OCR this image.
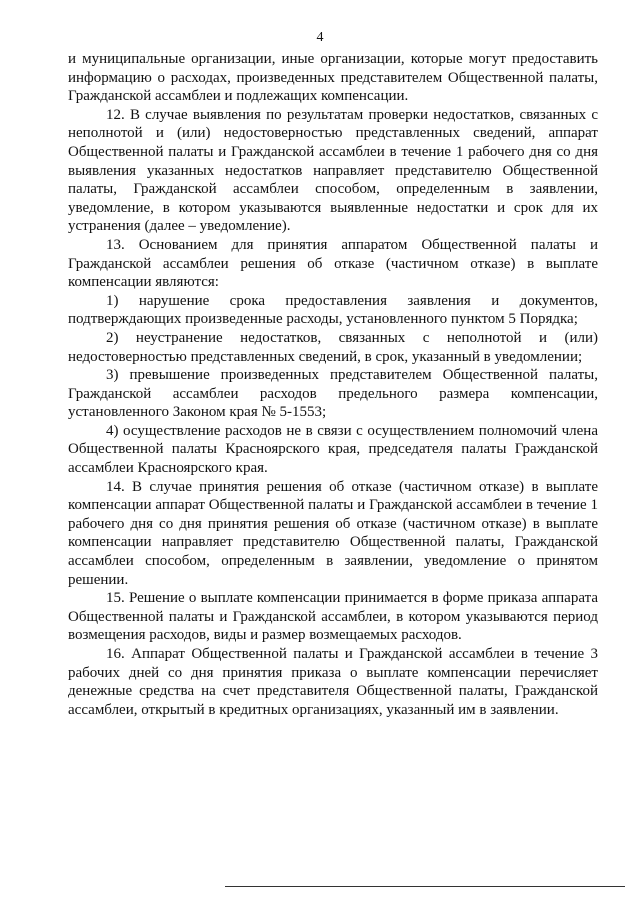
4

и муниципальные организации, иные организации, которые могут предоставить информацию о расходах, произведенных представителем Общественной палаты, Гражданской ассамблеи и подлежащих компенсации.

12. В случае выявления по результатам проверки недостатков, связанных с неполнотой и (или) недостоверностью представленных сведений, аппарат Общественной палаты и Гражданской ассамблеи в течение 1 рабочего дня со дня выявления указанных недостатков направляет представителю Общественной палаты, Гражданской ассамблеи способом, определенным в заявлении, уведомление, в котором указываются выявленные недостатки и срок для их устранения (далее – уведомление).

13. Основанием для принятия аппаратом Общественной палаты и Гражданской ассамблеи решения об отказе (частичном отказе) в выплате компенсации являются:

1) нарушение срока предоставления заявления и документов, подтверждающих произведенные расходы, установленного пунктом 5 Порядка;

2) неустранение недостатков, связанных с неполнотой и (или) недостоверностью представленных сведений, в срок, указанный в уведомлении;

3) превышение произведенных представителем Общественной палаты, Гражданской ассамблеи расходов предельного размера компенсации, установленного Законом края № 5-1553;

4) осуществление расходов не в связи с осуществлением полномочий члена Общественной палаты Красноярского края, председателя палаты Гражданской ассамблеи Красноярского края.

14. В случае принятия решения об отказе (частичном отказе) в выплате компенсации аппарат Общественной палаты и Гражданской ассамблеи в течение 1 рабочего дня со дня принятия решения об отказе (частичном отказе) в выплате компенсации направляет представителю Общественной палаты, Гражданской ассамблеи способом, определенным в заявлении, уведомление о принятом решении.

15. Решение о выплате компенсации принимается в форме приказа аппарата Общественной палаты и Гражданской ассамблеи, в котором указываются период возмещения расходов, виды и размер возмещаемых расходов.

16. Аппарат Общественной палаты и Гражданской ассамблеи в течение 3 рабочих дней со дня принятия приказа о выплате компенсации перечисляет денежные средства на счет представителя Общественной палаты, Гражданской ассамблеи, открытый в кредитных организациях, указанный им в заявлении.
